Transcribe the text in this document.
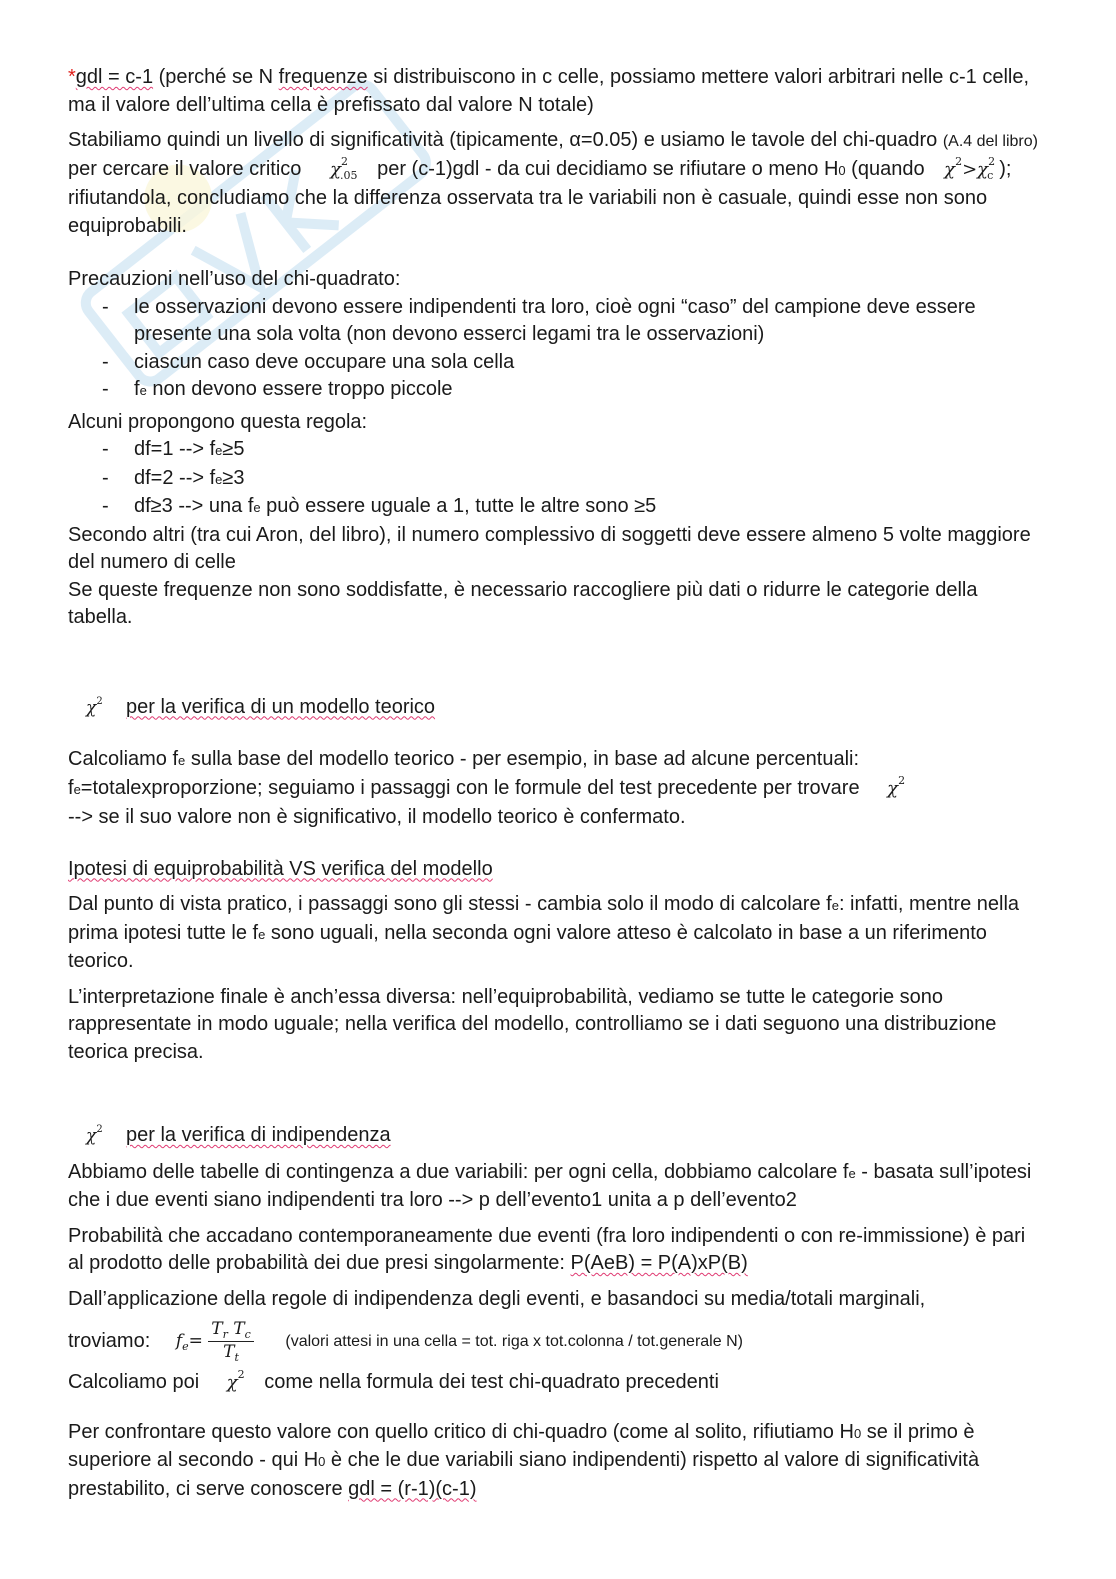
*gdl = c-1 (perché se N frequenze si distribuiscono in c celle, possiamo mettere valori arbitrari nelle c-1 celle, ma il valore dell’ultima cella è prefissato dal valore N totale)

Stabiliamo quindi un livello di significatività (tipicamente, α=0.05) e usiamo le tavole del chi-quadro (A.4 del libro) per cercare il valore critico   $\chi^2_{.05}$ per (c-1)gdl - da cui decidiamo se rifiutare o meno H0 (quando $\chi^2>\chi^2_c$ ); rifiutandola, concludiamo che la differenza osservata tra le variabili non è casuale, quindi esse non sono equiprobabili.

Precauzioni nell’uso del chi-quadrato:

- le osservazioni devono essere indipendenti tra loro, cioè ogni “caso” del campione deve essere presente una sola volta (non devono esserci legami tra le osservazioni)
- ciascun caso deve occupare una sola cella
- fe non devono essere troppo piccole

Alcuni propongono questa regola:

- df=1 --> fe≥5
- df=2 --> fe≥3
- df≥3 --> una fe può essere uguale a 1, tutte le altre sono ≥5

Secondo altri (tra cui Aron, del libro), il numero complessivo di soggetti deve essere almeno 5 volte maggiore del numero di celle

Se queste frequenze non sono soddisfatte, è necessario raccogliere più dati o ridurre le categorie della tabella.

$\chi^2$ per la verifica di un modello teorico

Calcoliamo fe sulla base del modello teorico - per esempio, in base ad alcune percentuali: fe=totalexproporzione; seguiamo i passaggi con le formule del test precedente per trovare $\chi^2$
--> se il suo valore non è significativo, il modello teorico è confermato.

Ipotesi di equiprobabilità VS verifica del modello

Dal punto di vista pratico, i passaggi sono gli stessi - cambia solo il modo di calcolare fe: infatti, mentre nella prima ipotesi tutte le fe sono uguali, nella seconda ogni valore atteso è calcolato in base a un riferimento teorico.

L’interpretazione finale è anch’essa diversa: nell’equiprobabilità, vediamo se tutte le categorie sono rappresentate in modo uguale; nella verifica del modello, controlliamo se i dati seguono una distribuzione teorica precisa.

$\chi^2$ per la verifica di indipendenza

Abbiamo delle tabelle di contingenza a due variabili: per ogni cella, dobbiamo calcolare fe - basata sull’ipotesi che i due eventi siano indipendenti tra loro --> p dell’evento1 unita a p dell’evento2

Probabilità che accadano contemporaneamente due eventi (fra loro indipendenti o con re-immissione) è pari al prodotto delle probabilità dei due presi singolarmente: P(AeB) = P(A)xP(B)

Dall’applicazione della regole di indipendenza degli eventi, e basandoci su media/totali marginali,

troviamo: $f_e= \frac{T_r T_c}{T_t}$ (valori attesi in una cella = tot. riga x tot.colonna / tot.generale N)

Calcoliamo poi $\chi^2$ come nella formula dei test chi-quadrato precedenti

Per confrontare questo valore con quello critico di chi-quadro (come al solito, rifiutiamo H0 se il primo è superiore al secondo - qui H0 è che le due variabili siano indipendenti) rispetto al valore di significatività prestabilito, ci serve conoscere gdl = (r-1)(c-1)
